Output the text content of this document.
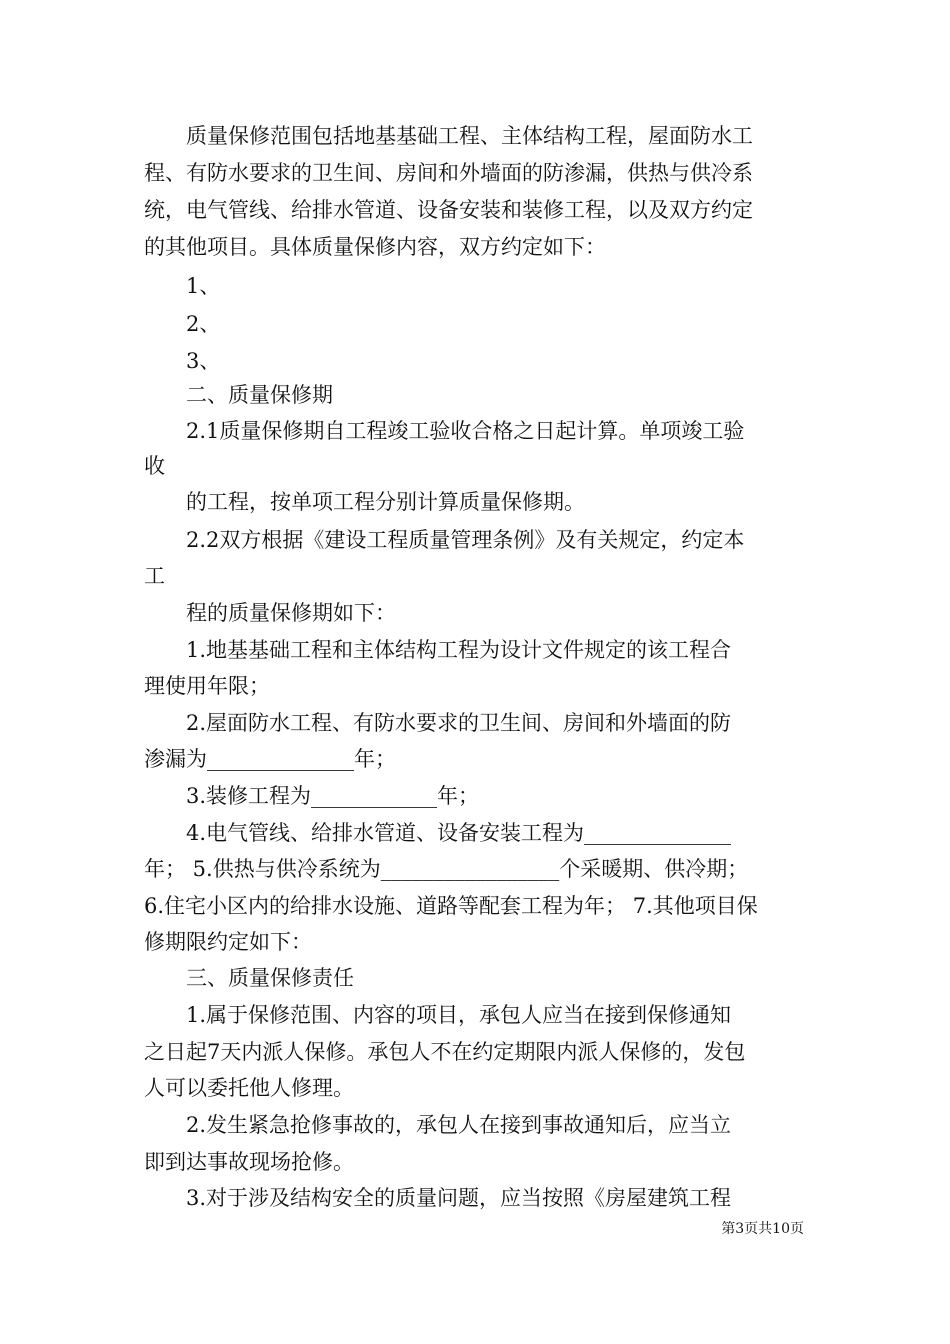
　　质量保修范围包括地基基础工程、主体结构工程，屋面防水工
程、有防水要求的卫生间、房间和外墙面的防渗漏，供热与供冷系
统，电气管线、给排水管道、设备安装和装修工程，以及双方约定
的其他项目。具体质量保修内容，双方约定如下：
　　1、
　　2、
　　3、
　　二、质量保修期
　　2.1质量保修期自工程竣工验收合格之日起计算。单项竣工验
收
　　的工程，按单项工程分别计算质量保修期。
　　2.2双方根据《建设工程质量管理条例》及有关规定，约定本
工
　　程的质量保修期如下：
　　1.地基基础工程和主体结构工程为设计文件规定的该工程合
理使用年限；
　　2.屋面防水工程、有防水要求的卫生间、房间和外墙面的防
渗漏为______________年；
　　3.装修工程为____________年；
　　4.电气管线、给排水管道、设备安装工程为______________
年； 5.供热与供冷系统为_________________个采暖期、供冷期；
6.住宅小区内的给排水设施、道路等配套工程为年； 7.其他项目保
修期限约定如下：
　　三、质量保修责任
　　1.属于保修范围、内容的项目，承包人应当在接到保修通知
之日起7天内派人保修。承包人不在约定期限内派人保修的，发包
人可以委托他人修理。
　　2.发生紧急抢修事故的，承包人在接到事故通知后，应当立
即到达事故现场抢修。
　　3.对于涉及结构安全的质量问题，应当按照《房屋建筑工程
第3页共10页
